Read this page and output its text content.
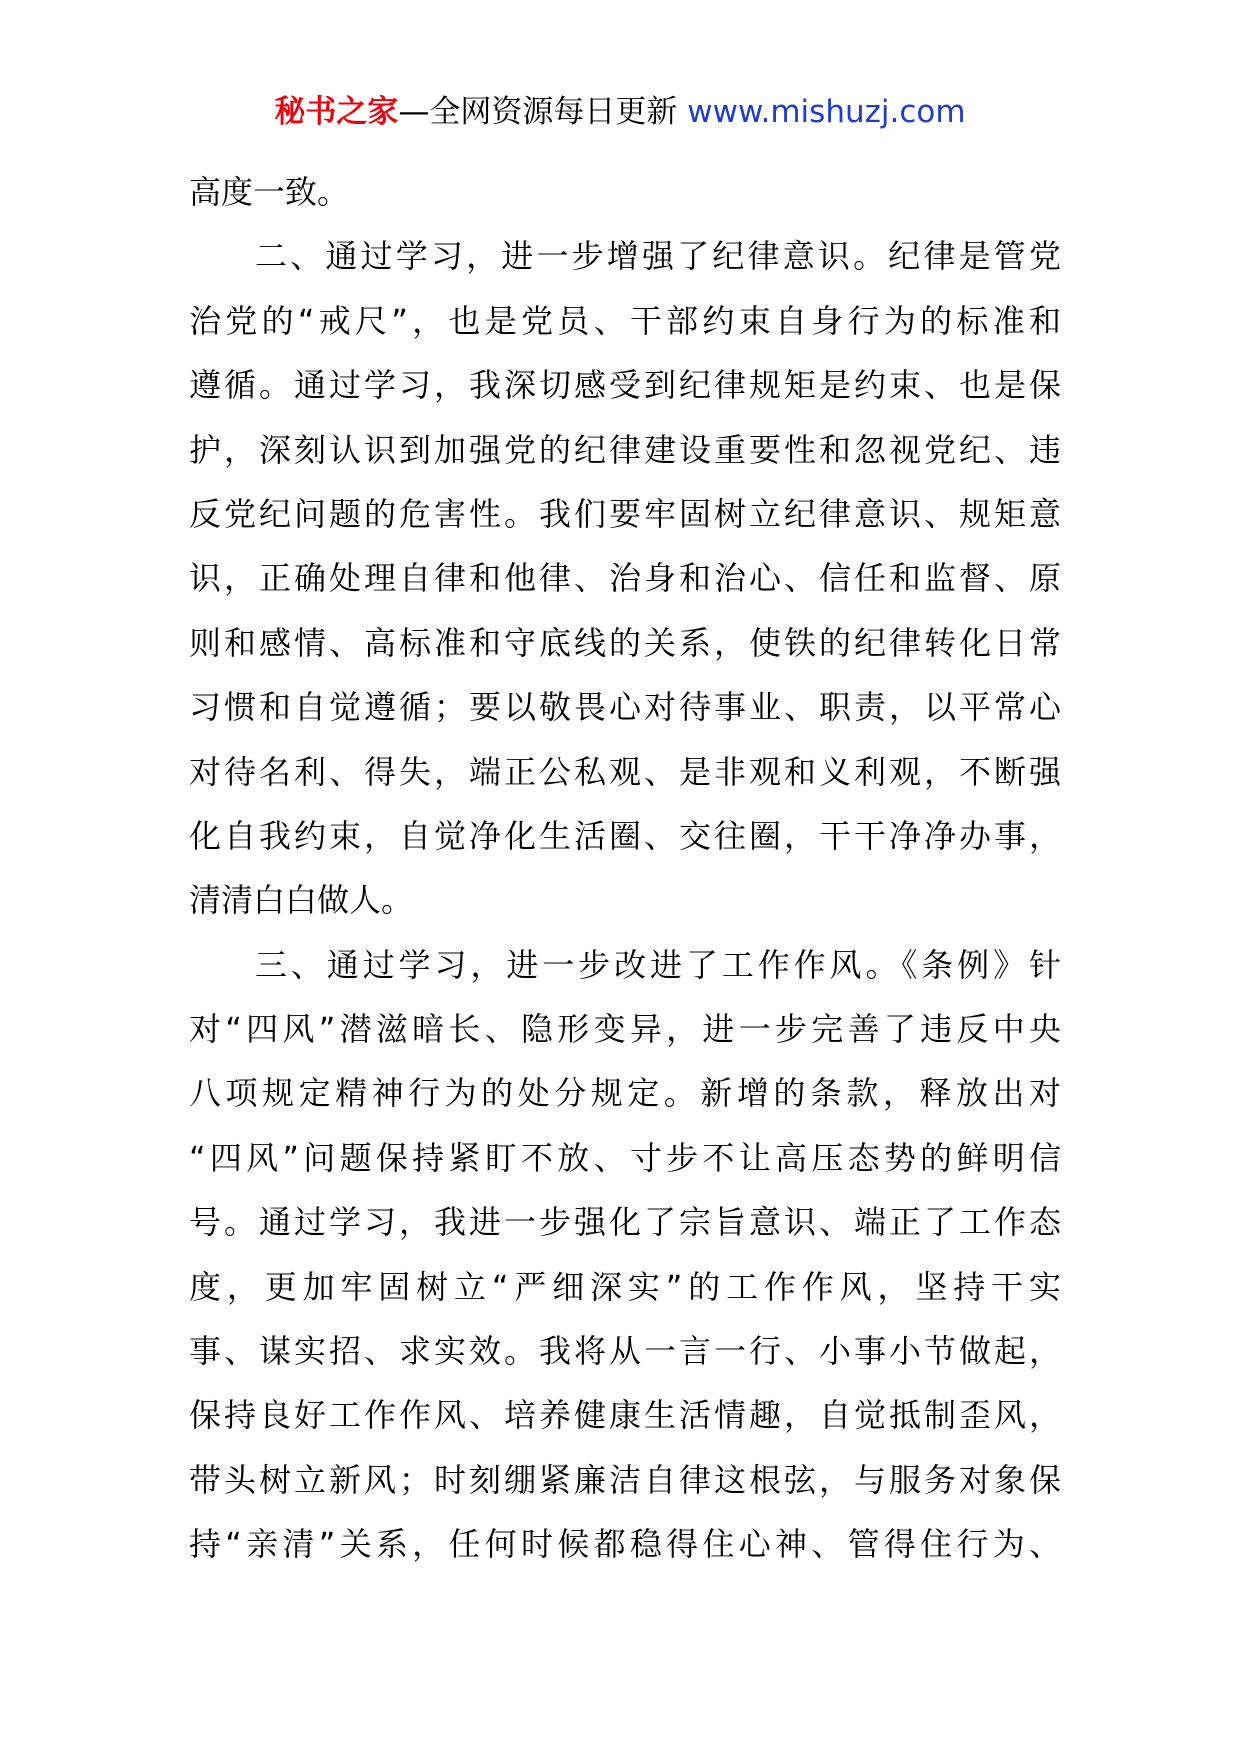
秘书之家—全网资源每日更新 www.mishuzj.com
高度一致。
二、通过学习，进一步增强了纪律意识。纪律是管党
治党的“戒尺”，也是党员、干部约束自身行为的标准和
遵循。通过学习，我深切感受到纪律规矩是约束、也是保
护，深刻认识到加强党的纪律建设重要性和忽视党纪、违
反党纪问题的危害性。我们要牢固树立纪律意识、规矩意
识，正确处理自律和他律、治身和治心、信任和监督、原
则和感情、高标准和守底线的关系，使铁的纪律转化日常
习惯和自觉遵循；要以敬畏心对待事业、职责，以平常心
对待名利、得失，端正公私观、是非观和义利观，不断强
化自我约束，自觉净化生活圈、交往圈，干干净净办事，
清清白白做人。
三、通过学习，进一步改进了工作作风。《条例》针
对“四风”潜滋暗长、隐形变异，进一步完善了违反中央
八项规定精神行为的处分规定。新增的条款，释放出对
“四风”问题保持紧盯不放、寸步不让高压态势的鲜明信
号。通过学习，我进一步强化了宗旨意识、端正了工作态
度，更加牢固树立“严细深实”的工作作风，坚持干实
事、谋实招、求实效。我将从一言一行、小事小节做起，
保持良好工作作风、培养健康生活情趣，自觉抵制歪风，
带头树立新风；时刻绷紧廉洁自律这根弦，与服务对象保
持“亲清”关系，任何时候都稳得住心神、管得住行为、
